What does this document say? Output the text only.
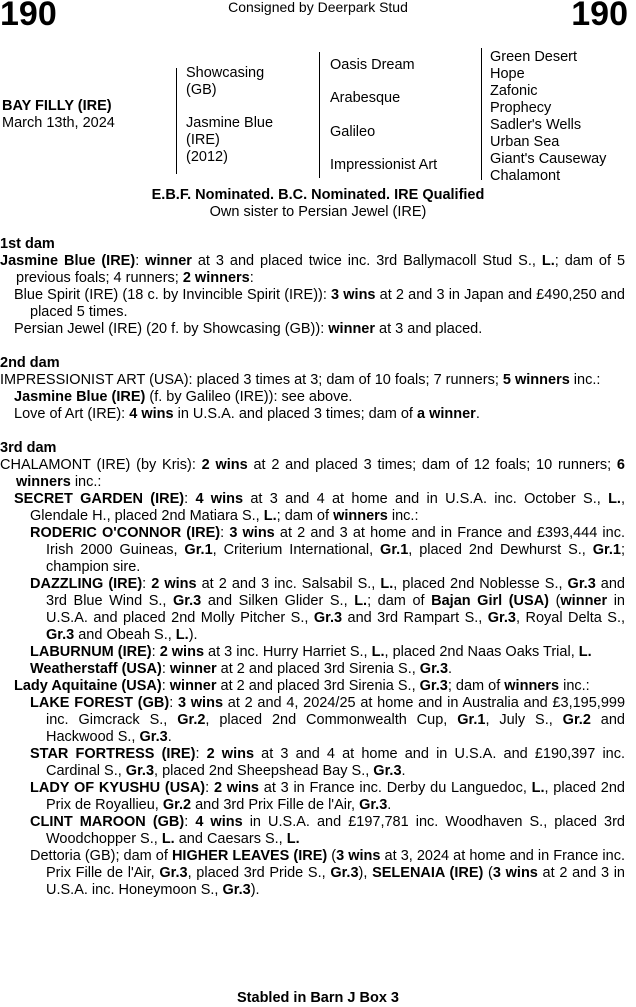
190	Consigned by Deerpark Stud	190
BAY FILLY (IRE)
March 13th, 2024
Showcasing
(GB)
Jasmine Blue
(IRE)
(2012)
Oasis Dream
Arabesque
Galileo
Impressionist Art
Green Desert
Hope
Zafonic
Prophecy
Sadler's Wells
Urban Sea
Giant's Causeway
Chalamont
E.B.F. Nominated. B.C. Nominated. IRE Qualified
Own sister to Persian Jewel (IRE)
1st dam

Jasmine Blue (IRE): winner at 3 and placed twice inc. 3rd Ballymacoll Stud S., L.; dam of 5 previous foals; 4 runners; 2 winners:

Blue Spirit (IRE) (18 c. by Invincible Spirit (IRE)): 3 wins at 2 and 3 in Japan and £490,250 and placed 5 times.

Persian Jewel (IRE) (20 f. by Showcasing (GB)): winner at 3 and placed.

2nd dam

IMPRESSIONIST ART (USA): placed 3 times at 3; dam of 10 foals; 7 runners; 5 winners inc.:

Jasmine Blue (IRE) (f. by Galileo (IRE)): see above.

Love of Art (IRE): 4 wins in U.S.A. and placed 3 times; dam of a winner.

3rd dam

CHALAMONT (IRE) (by Kris): 2 wins at 2 and placed 3 times; dam of 12 foals; 10 runners; 6 winners inc.:

SECRET GARDEN (IRE): 4 wins at 3 and 4 at home and in U.S.A. inc. October S., L., Glendale H., placed 2nd Matiara S., L.; dam of winners inc.:

RODERIC O'CONNOR (IRE): 3 wins at 2 and 3 at home and in France and £393,444 inc. Irish 2000 Guineas, Gr.1, Criterium International, Gr.1, placed 2nd Dewhurst S., Gr.1; champion sire.

DAZZLING (IRE): 2 wins at 2 and 3 inc. Salsabil S., L., placed 2nd Noblesse S., Gr.3 and 3rd Blue Wind S., Gr.3 and Silken Glider S., L.; dam of Bajan Girl (USA) (winner in U.S.A. and placed 2nd Molly Pitcher S., Gr.3 and 3rd Rampart S., Gr.3, Royal Delta S., Gr.3 and Obeah S., L.).

LABURNUM (IRE): 2 wins at 3 inc. Hurry Harriet S., L., placed 2nd Naas Oaks Trial, L.

Weatherstaff (USA): winner at 2 and placed 3rd Sirenia S., Gr.3.

Lady Aquitaine (USA): winner at 2 and placed 3rd Sirenia S., Gr.3; dam of winners inc.:

LAKE FOREST (GB): 3 wins at 2 and 4, 2024/25 at home and in Australia and £3,195,999 inc. Gimcrack S., Gr.2, placed 2nd Commonwealth Cup, Gr.1, July S., Gr.2 and Hackwood S., Gr.3.

STAR FORTRESS (IRE): 2 wins at 3 and 4 at home and in U.S.A. and £190,397 inc. Cardinal S., Gr.3, placed 2nd Sheepshead Bay S., Gr.3.

LADY OF KYUSHU (USA): 2 wins at 3 in France inc. Derby du Languedoc, L., placed 2nd Prix de Royallieu, Gr.2 and 3rd Prix Fille de l'Air, Gr.3.

CLINT MAROON (GB): 4 wins in U.S.A. and £197,781 inc. Woodhaven S., placed 3rd Woodchopper S., L. and Caesars S., L.

Dettoria (GB); dam of HIGHER LEAVES (IRE) (3 wins at 3, 2024 at home and in France inc. Prix Fille de l'Air, Gr.3, placed 3rd Pride S., Gr.3), SELENAIA (IRE) (3 wins at 2 and 3 in U.S.A. inc. Honeymoon S., Gr.3).

Stabled in Barn J Box 3
